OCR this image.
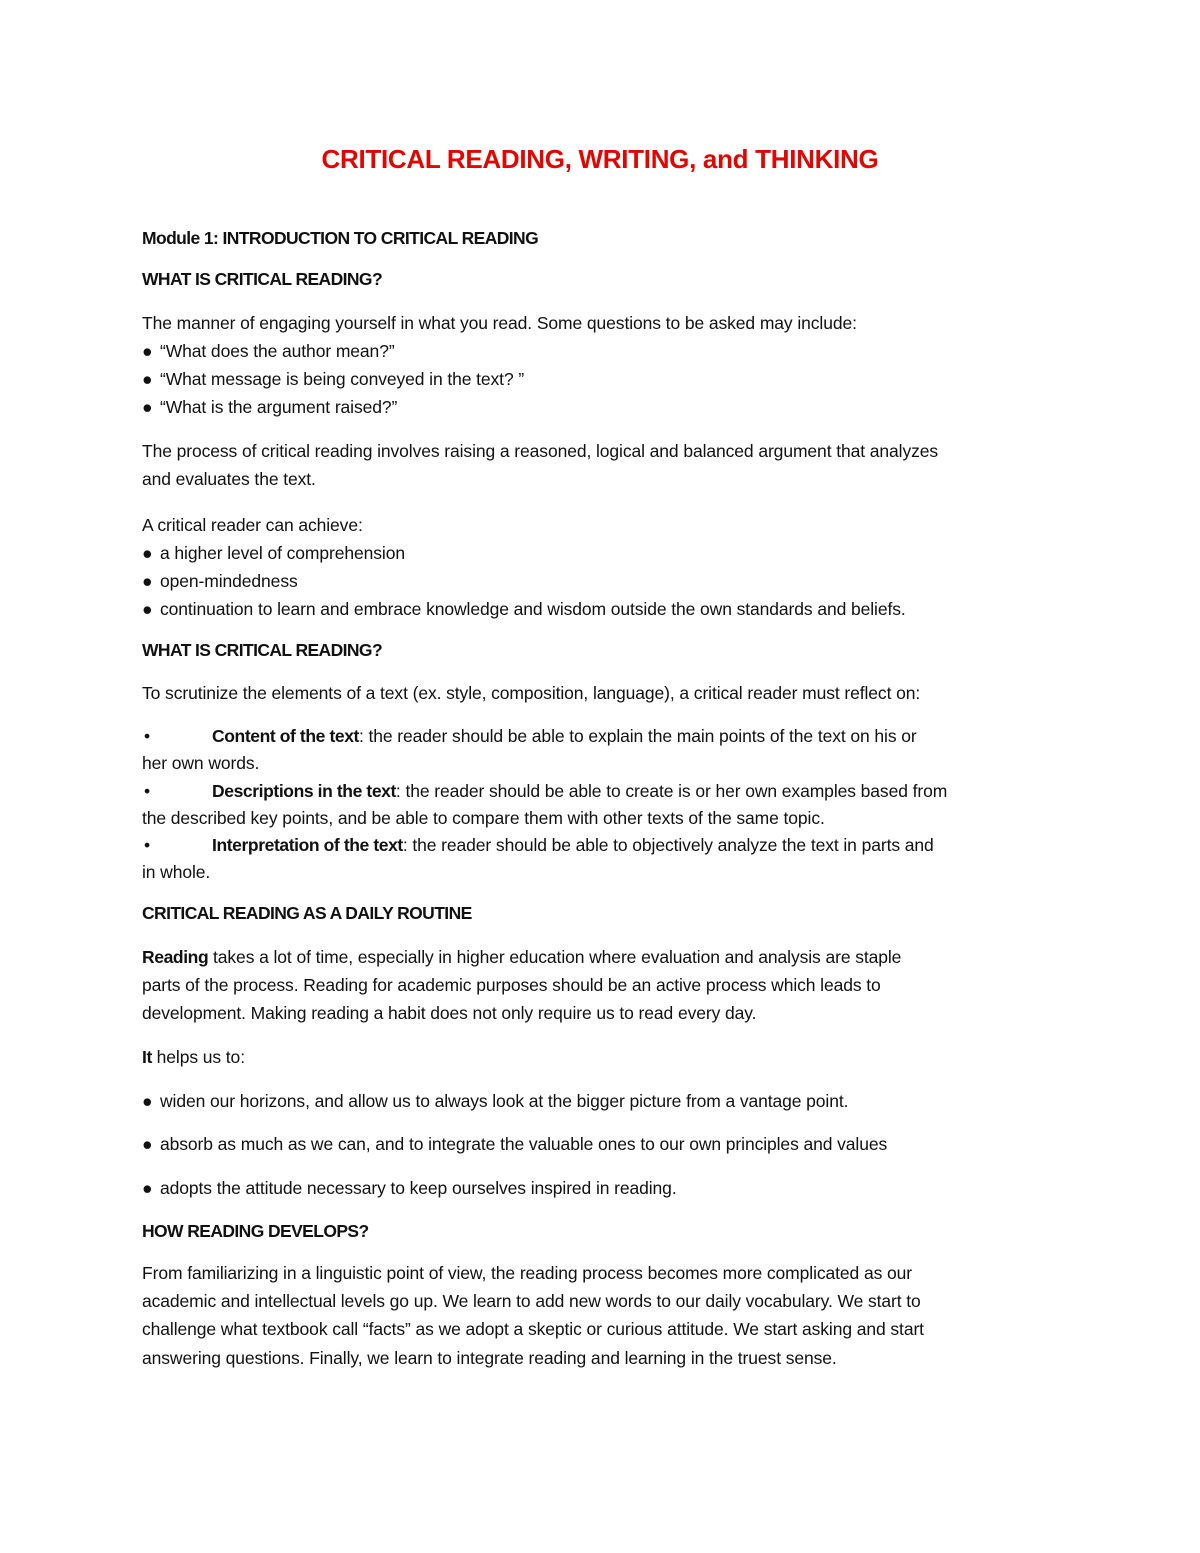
CRITICAL READING, WRITING, and THINKING
Module 1: INTRODUCTION TO CRITICAL READING
WHAT IS CRITICAL READING?
The manner of engaging yourself in what you read. Some questions to be asked may include:
● “What does the author mean?”
● “What message is being conveyed in the text? ”
● “What is the argument raised?”
The process of critical reading involves raising a reasoned, logical and balanced argument that analyzes
and evaluates the text.
A critical reader can achieve:
● a higher level of comprehension
● open-mindedness
● continuation to learn and embrace knowledge and wisdom outside the own standards and beliefs.
WHAT IS CRITICAL READING?
To scrutinize the elements of a text (ex. style, composition, language), a critical reader must reflect on:
•	Content of the text: the reader should be able to explain the main points of the text on his or
her own words.
•	Descriptions in the text: the reader should be able to create is or her own examples based from
the described key points, and be able to compare them with other texts of the same topic.
•	Interpretation of the text: the reader should be able to objectively analyze the text in parts and
in whole.
CRITICAL READING AS A DAILY ROUTINE
Reading takes a lot of time, especially in higher education where evaluation and analysis are staple
parts of the process. Reading for academic purposes should be an active process which leads to
development. Making reading a habit does not only require us to read every day.
It helps us to:
● widen our horizons, and allow us to always look at the bigger picture from a vantage point.
● absorb as much as we can, and to integrate the valuable ones to our own principles and values
● adopts the attitude necessary to keep ourselves inspired in reading.
HOW READING DEVELOPS?
From familiarizing in a linguistic point of view, the reading process becomes more complicated as our
academic and intellectual levels go up. We learn to add new words to our daily vocabulary. We start to
challenge what textbook call “facts” as we adopt a skeptic or curious attitude. We start asking and start
answering questions. Finally, we learn to integrate reading and learning in the truest sense.
